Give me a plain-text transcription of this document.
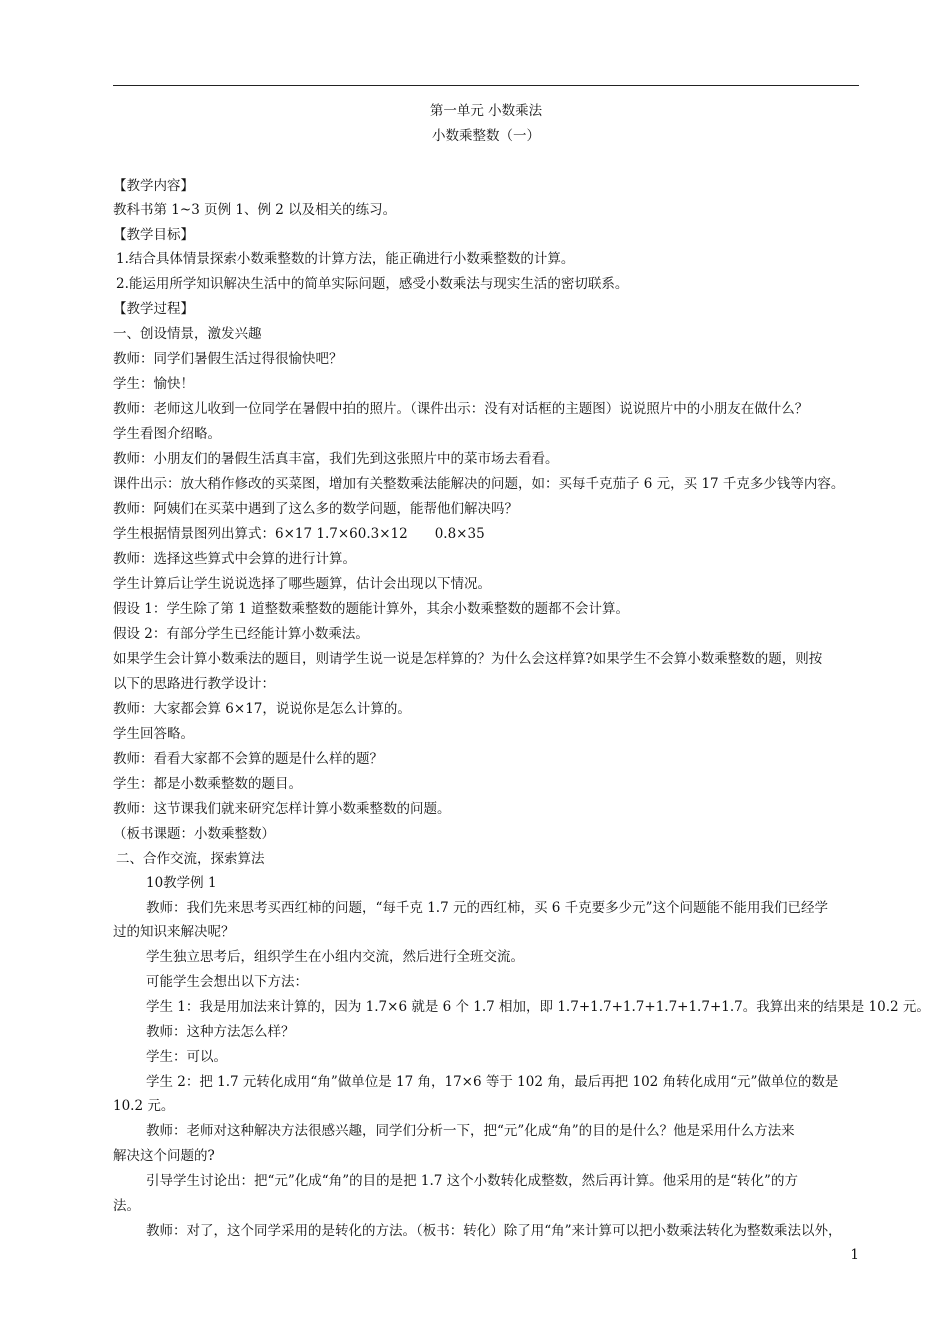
第一单元 小数乘法
小数乘整数（一）
【教学内容】
教科书第 1~3 页例 1、例 2 以及相关的练习。
【教学目标】
1.结合具体情景探索小数乘整数的计算方法，能正确进行小数乘整数的计算。
2.能运用所学知识解决生活中的简单实际问题，感受小数乘法与现实生活的密切联系。
【教学过程】
一、创设情景，激发兴趣
教师：同学们暑假生活过得很愉快吧？
学生：愉快！
教师：老师这儿收到一位同学在暑假中拍的照片。（课件出示：没有对话框的主题图）说说照片中的小朋友在做什么？
学生看图介绍略。
教师：小朋友们的暑假生活真丰富，我们先到这张照片中的菜市场去看看。
课件出示：放大稍作修改的买菜图，增加有关整数乘法能解决的问题，如：买每千克茄子 6 元，买 17 千克多少钱等内容。
教师：阿姨们在买菜中遇到了这么多的数学问题，能帮他们解决吗？
学生根据情景图列出算式：6×17 1.7×60.3×12　　0.8×35
教师：选择这些算式中会算的进行计算。
学生计算后让学生说说选择了哪些题算，估计会出现以下情况。
假设 1：学生除了第 1 道整数乘整数的题能计算外，其余小数乘整数的题都不会计算。
假设 2：有部分学生已经能计算小数乘法。
如果学生会计算小数乘法的题目，则请学生说一说是怎样算的？为什么会这样算?如果学生不会算小数乘整数的题，则按
以下的思路进行教学设计：
教师：大家都会算 6×17，说说你是怎么计算的。
学生回答略。
教师：看看大家都不会算的题是什么样的题？
学生：都是小数乘整数的题目。
教师：这节课我们就来研究怎样计算小数乘整数的问题。
（板书课题：小数乘整数）
二、合作交流，探索算法
10教学例 1
教师：我们先来思考买西红柿的问题，“每千克 1.7 元的西红柿，买 6 千克要多少元”这个问题能不能用我们已经学
过的知识来解决呢？
学生独立思考后，组织学生在小组内交流，然后进行全班交流。
可能学生会想出以下方法：
学生 1：我是用加法来计算的，因为 1.7×6 就是 6 个 1.7 相加，即 1.7+1.7+1.7+1.7+1.7+1.7。我算出来的结果是 10.2 元。
教师：这种方法怎么样？
学生：可以。
学生 2：把 1.7 元转化成用“角”做单位是 17 角，17×6 等于 102 角，最后再把 102 角转化成用“元”做单位的数是
10.2 元。
教师：老师对这种解决方法很感兴趣，同学们分析一下，把“元”化成“角”的目的是什么？他是采用什么方法来
解决这个问题的?
引导学生讨论出：把“元”化成“角”的目的是把 1.7 这个小数转化成整数，然后再计算。他采用的是“转化”的方
法。
教师：对了，这个同学采用的是转化的方法。（板书：转化）除了用“角”来计算可以把小数乘法转化为整数乘法以外，
1
